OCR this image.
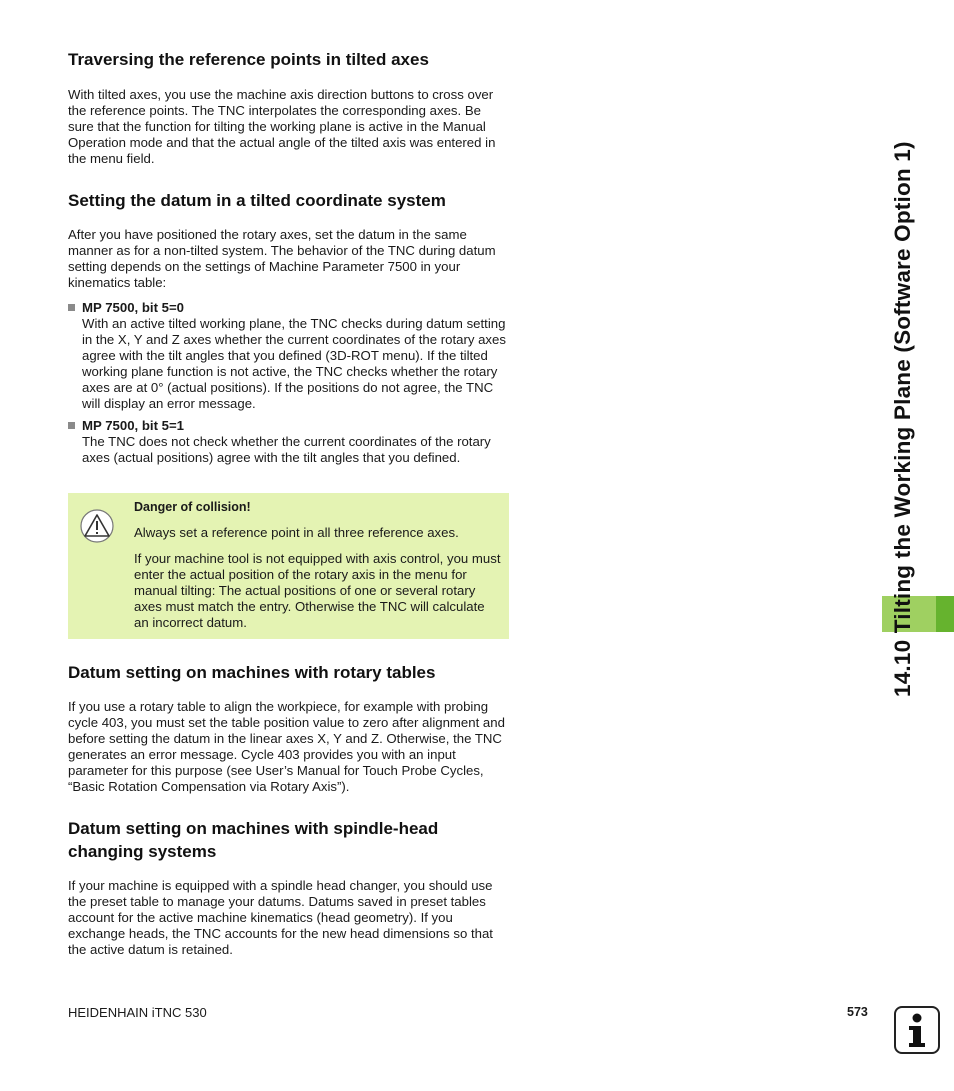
Traversing the reference points in tilted axes

With tilted axes, you use the machine axis direction buttons to cross over the reference points. The TNC interpolates the corresponding axes. Be sure that the function for tilting the working plane is active in the Manual Operation mode and that the actual angle of the tilted axis was entered in the menu field.

Setting the datum in a tilted coordinate system

After you have positioned the rotary axes, set the datum in the same manner as for a non-tilted system. The behavior of the TNC during datum setting depends on the settings of Machine Parameter 7500 in your kinematics table:

MP 7500, bit 5=0
With an active tilted working plane, the TNC checks during datum setting in the X, Y and Z axes whether the current coordinates of the rotary axes agree with the tilt angles that you defined (3D-ROT menu). If the tilted working plane function is not active, the TNC checks whether the rotary axes are at 0° (actual positions). If the positions do not agree, the TNC will display an error message.
MP 7500, bit 5=1
The TNC does not check whether the current coordinates of the rotary axes (actual positions) agree with the tilt angles that you defined.
Datum setting on machines with rotary tables

If you use a rotary table to align the workpiece, for example with probing cycle 403, you must set the table position value to zero after alignment and before setting the datum in the linear axes X, Y and Z. Otherwise, the TNC generates an error message. Cycle 403 provides you with an input parameter for this purpose (see User’s Manual for Touch Probe Cycles, “Basic Rotation Compensation via Rotary Axis”).

Datum setting on machines with spindle-head changing systems

If your machine is equipped with a spindle head changer, you should use the preset table to manage your datums. Datums saved in preset tables account for the active machine kinematics (head geometry). If you exchange heads, the TNC accounts for the new head dimensions so that the active datum is retained.

Danger of collision!
Always set a reference point in all three reference axes.
If your machine tool is not equipped with axis control, you must enter the actual position of the rotary axis in the menu for manual tilting: The actual positions of one or several rotary axes must match the entry. Otherwise the TNC will calculate an incorrect datum.	14.10 Tilting the Working Plane (Software Option 1)
HEIDENHAIN iTNC 530	573
